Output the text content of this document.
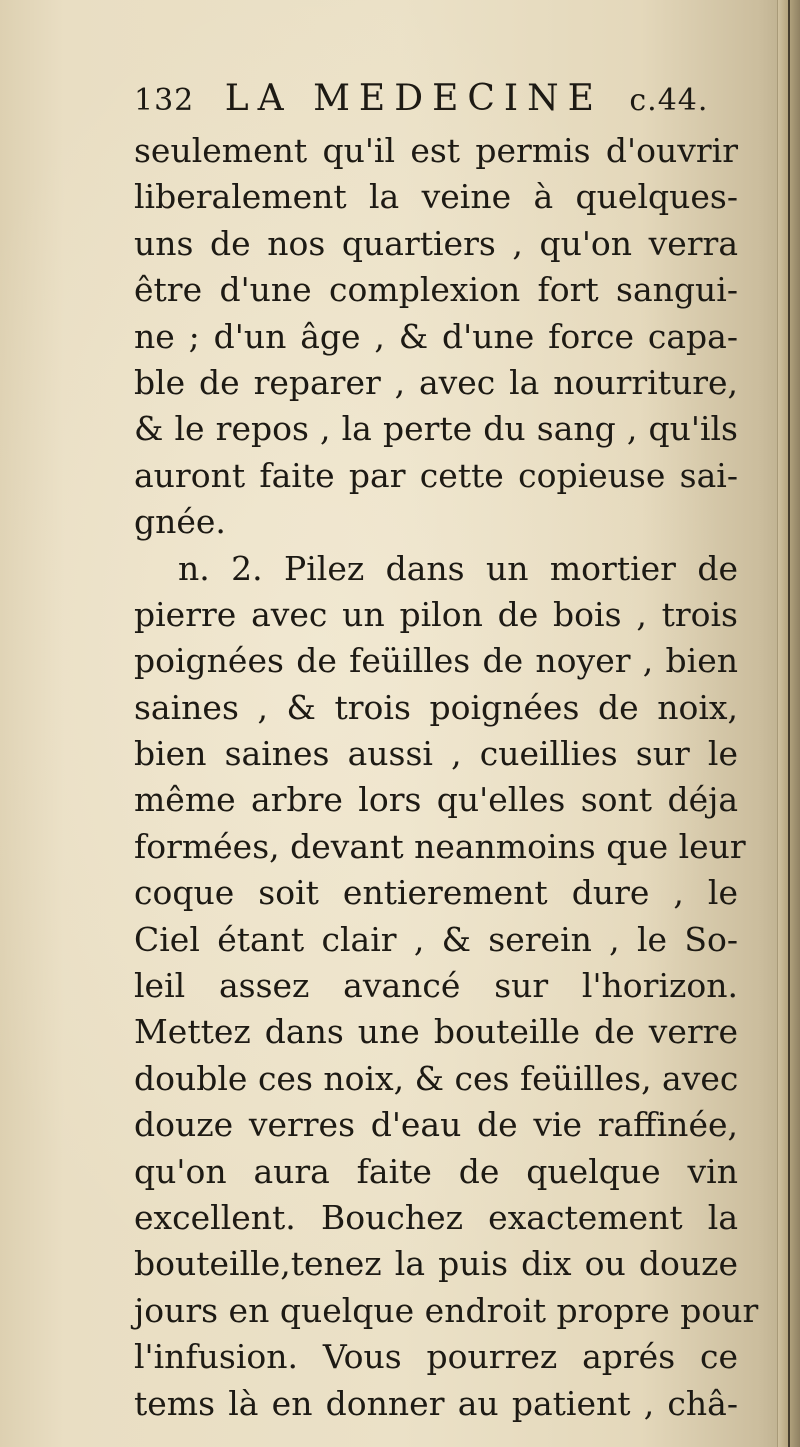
132 LA MEDECINE c.44.
seulement qu'il est permis d'ouvrir
liberalement la veine à quelques-
uns de nos quartiers , qu'on verra
être d'une complexion fort sangui-
ne ; d'un âge , & d'une force capa-
ble de reparer , avec la nourriture,
& le repos , la perte du sang , qu'ils
auront faite par cette copieuse sai-
gnée.
n. 2. Pilez dans un mortier de
pierre avec un pilon de bois , trois
poignées de feüilles de noyer , bien
saines , & trois poignées de noix,
bien saines aussi , cueillies sur le
même arbre lors qu'elles sont déja
formées, devant neanmoins que leur
coque soit entierement dure , le
Ciel étant clair , & serein , le So-
leil assez avancé sur l'horizon.
Mettez dans une bouteille de verre
double ces noix, & ces feüilles, avec
douze verres d'eau de vie raffinée,
qu'on aura faite de quelque vin
excellent. Bouchez exactement la
bouteille,tenez la puis dix ou douze
jours en quelque endroit propre pour
l'infusion. Vous pourrez aprés ce
tems là en donner au patient , châ-
